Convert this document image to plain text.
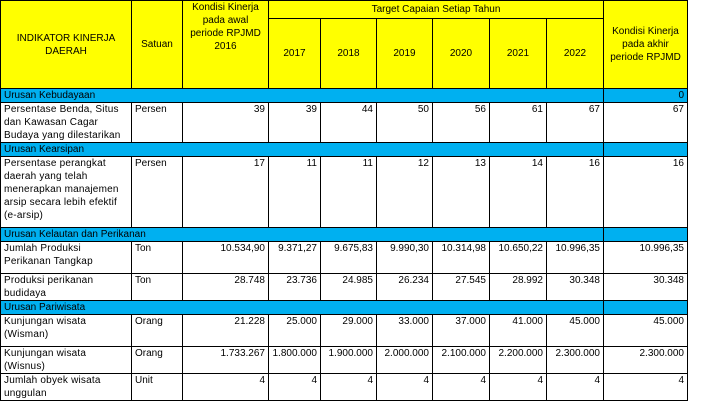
INDIKATOR KINERJA DAERAH	Satuan	Kondisi Kinerja pada awal periode RPJMD 2016	Target Capaian Setiap Tahun						Kondisi Kinerja pada akhir periode RPJMD
			2017	2018	2019	2020	2021	2022	
Urusan Kebudayaan									0
Persentase Benda, Situs dan Kawasan Cagar Budaya yang dilestarikan	Persen	39	39	44	50	56	61	67	67
Urusan Kearsipan									
Persentase perangkat daerah yang telah menerapkan manajemen arsip secara lebih efektif (e-arsip)	Persen	17	11	11	12	13	14	16	16
Urusan Kelautan dan Perikanan									
Jumlah Produksi Perikanan Tangkap	Ton	10.534,90	9.371,27	9.675,83	9.990,30	10.314,98	10.650,22	10.996,35	10.996,35
Produksi perikanan budidaya	Ton	28.748	23.736	24.985	26.234	27.545	28.992	30.348	30.348
Urusan Pariwisata									
Kunjungan wisata (Wisman)	Orang	21.228	25.000	29.000	33.000	37.000	41.000	45.000	45.000
Kunjungan wisata (Wisnus)	Orang	1.733.267	1.800.000	1.900.000	2.000.000	2.100.000	2.200.000	2.300.000	2.300.000
Jumlah obyek wisata unggulan	Unit	4	4	4	4	4	4	4	4
